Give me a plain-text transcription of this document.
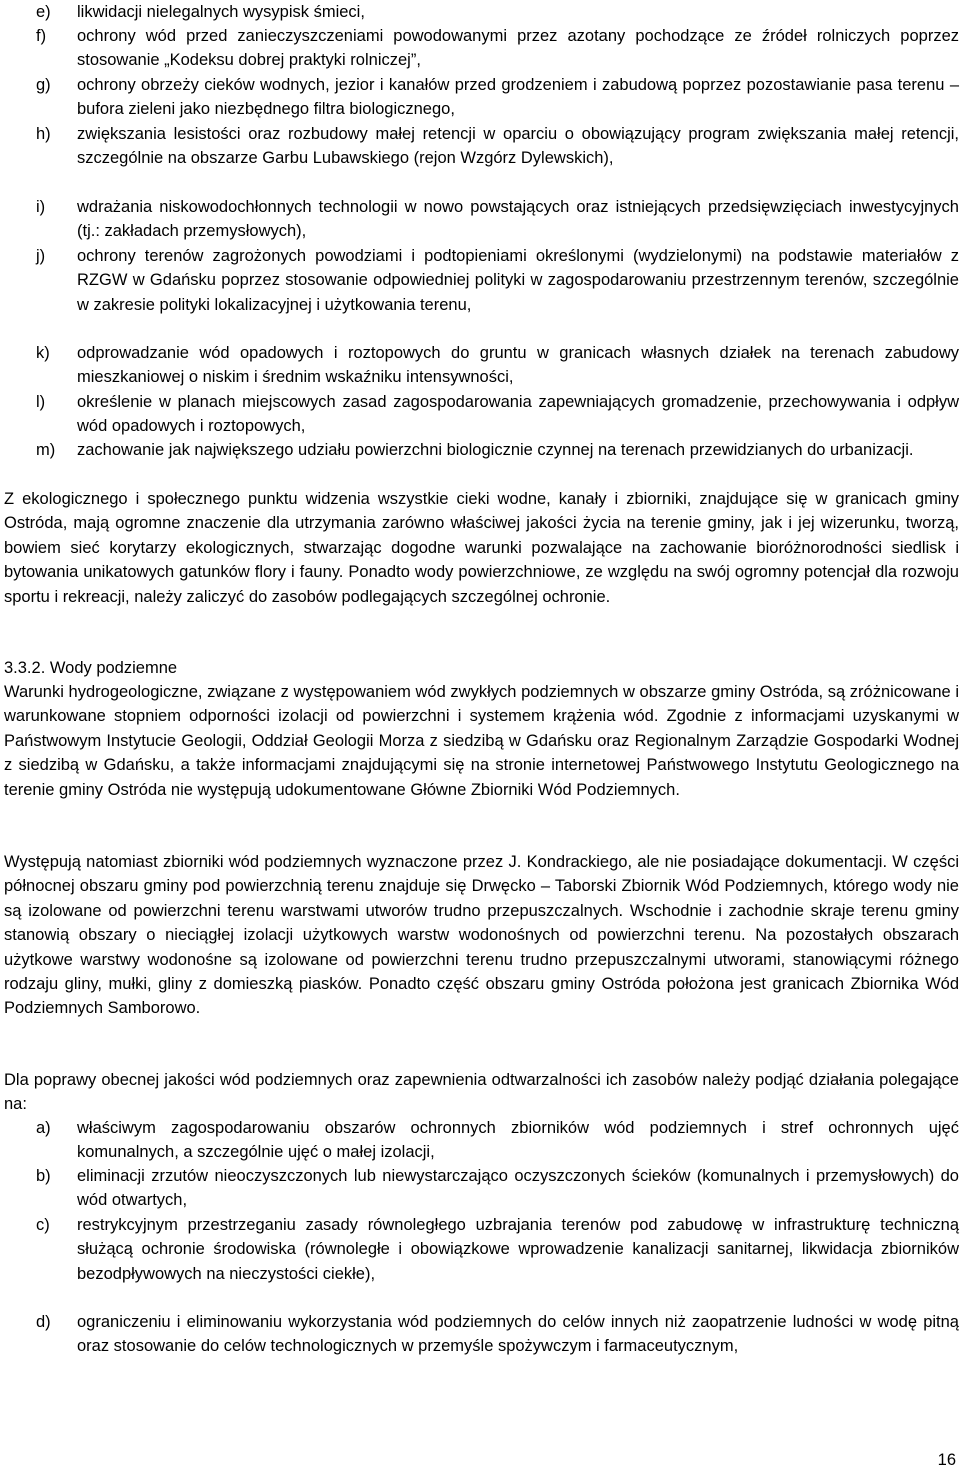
e)	likwidacji nielegalnych wysypisk śmieci,
f)	ochrony wód przed zanieczyszczeniami powodowanymi przez azotany pochodzące ze źródeł rolniczych poprzez stosowanie „Kodeksu dobrej praktyki rolniczej”,
g)	ochrony obrzeży cieków wodnych, jezior i kanałów przed grodzeniem i zabudową poprzez pozostawianie pasa terenu – bufora zieleni jako niezbędnego filtra biologicznego,
h)	zwiększania lesistości oraz rozbudowy małej retencji w oparciu o obowiązujący program zwiększania małej retencji, szczególnie na obszarze Garbu Lubawskiego (rejon Wzgórz Dylewskich),
i)	wdrażania niskowodochłonnych technologii w nowo powstających oraz istniejących przedsięwzięciach inwestycyjnych (tj.: zakładach przemysłowych),
j)	ochrony terenów zagrożonych powodziami i podtopieniami określonymi (wydzielonymi) na podstawie materiałów z RZGW w Gdańsku poprzez stosowanie odpowiedniej polityki w zagospodarowaniu przestrzennym terenów, szczególnie w zakresie polityki lokalizacyjnej i użytkowania terenu,
k)	odprowadzanie wód opadowych i roztopowych do gruntu w granicach własnych działek na terenach zabudowy mieszkaniowej o niskim i średnim wskaźniku intensywności,
l)	określenie w planach miejscowych zasad zagospodarowania zapewniających gromadzenie, przechowywania i odpływ wód opadowych i roztopowych,
m)	zachowanie jak największego udziału powierzchni biologicznie czynnej na terenach przewidzianych do urbanizacji.
Z ekologicznego i społecznego punktu widzenia wszystkie cieki wodne, kanały i zbiorniki, znajdujące się w granicach gminy Ostróda, mają ogromne znaczenie dla utrzymania zarówno właściwej jakości życia na terenie gminy, jak i jej wizerunku, tworzą, bowiem sieć korytarzy ekologicznych, stwarzając dogodne warunki pozwalające na zachowanie bioróżnorodności siedlisk i bytowania unikatowych gatunków flory i fauny. Ponadto wody powierzchniowe, ze względu na swój ogromny potencjał dla rozwoju sportu i rekreacji, należy zaliczyć do zasobów podlegających szczególnej ochronie.
3.3.2. Wody podziemne
Warunki hydrogeologiczne, związane z występowaniem wód zwykłych podziemnych w obszarze gminy Ostróda, są zróżnicowane i warunkowane stopniem odporności izolacji od powierzchni i systemem krążenia wód. Zgodnie z informacjami uzyskanymi w Państwowym Instytucie Geologii, Oddział Geologii Morza z siedzibą w Gdańsku oraz Regionalnym Zarządzie Gospodarki Wodnej z siedzibą w Gdańsku, a także informacjami znajdującymi się na stronie internetowej Państwowego Instytutu Geologicznego na terenie gminy Ostróda nie występują udokumentowane Główne Zbiorniki Wód Podziemnych.
Występują natomiast zbiorniki wód podziemnych wyznaczone przez J. Kondrackiego, ale nie posiadające dokumentacji. W części północnej obszaru gminy pod powierzchnią terenu znajduje się Drwęcko – Taborski Zbiornik Wód Podziemnych, którego wody nie są izolowane od powierzchni terenu warstwami utworów trudno przepuszczalnych. Wschodnie i zachodnie skraje terenu gminy stanowią obszary o nieciągłej izolacji użytkowych warstw wodonośnych od powierzchni terenu. Na pozostałych obszarach użytkowe warstwy wodonośne są izolowane od powierzchni terenu trudno przepuszczalnymi utworami, stanowiącymi różnego rodzaju gliny, mułki, gliny z domieszką piasków. Ponadto część obszaru gminy Ostróda położona jest granicach Zbiornika Wód Podziemnych Samborowo.
Dla poprawy obecnej jakości wód podziemnych oraz zapewnienia odtwarzalności ich zasobów należy podjąć działania polegające na:
a)	właściwym zagospodarowaniu obszarów ochronnych zbiorników wód podziemnych i stref ochronnych ujęć komunalnych, a szczególnie ujęć o małej izolacji,
b)	eliminacji zrzutów nieoczyszczonych lub niewystarczająco oczyszczonych ścieków (komunalnych i przemysłowych) do wód otwartych,
c)	restrykcyjnym przestrzeganiu zasady równoległego uzbrajania terenów pod zabudowę w infrastrukturę techniczną służącą ochronie środowiska (równoległe i obowiązkowe wprowadzenie kanalizacji sanitarnej, likwidacja zbiorników bezodpływowych na nieczystości ciekłe),
d)	ograniczeniu i eliminowaniu wykorzystania wód podziemnych do celów innych niż zaopatrzenie ludności w wodę pitną oraz stosowanie do celów technologicznych w przemyśle spożywczym i farmaceutycznym,
16
